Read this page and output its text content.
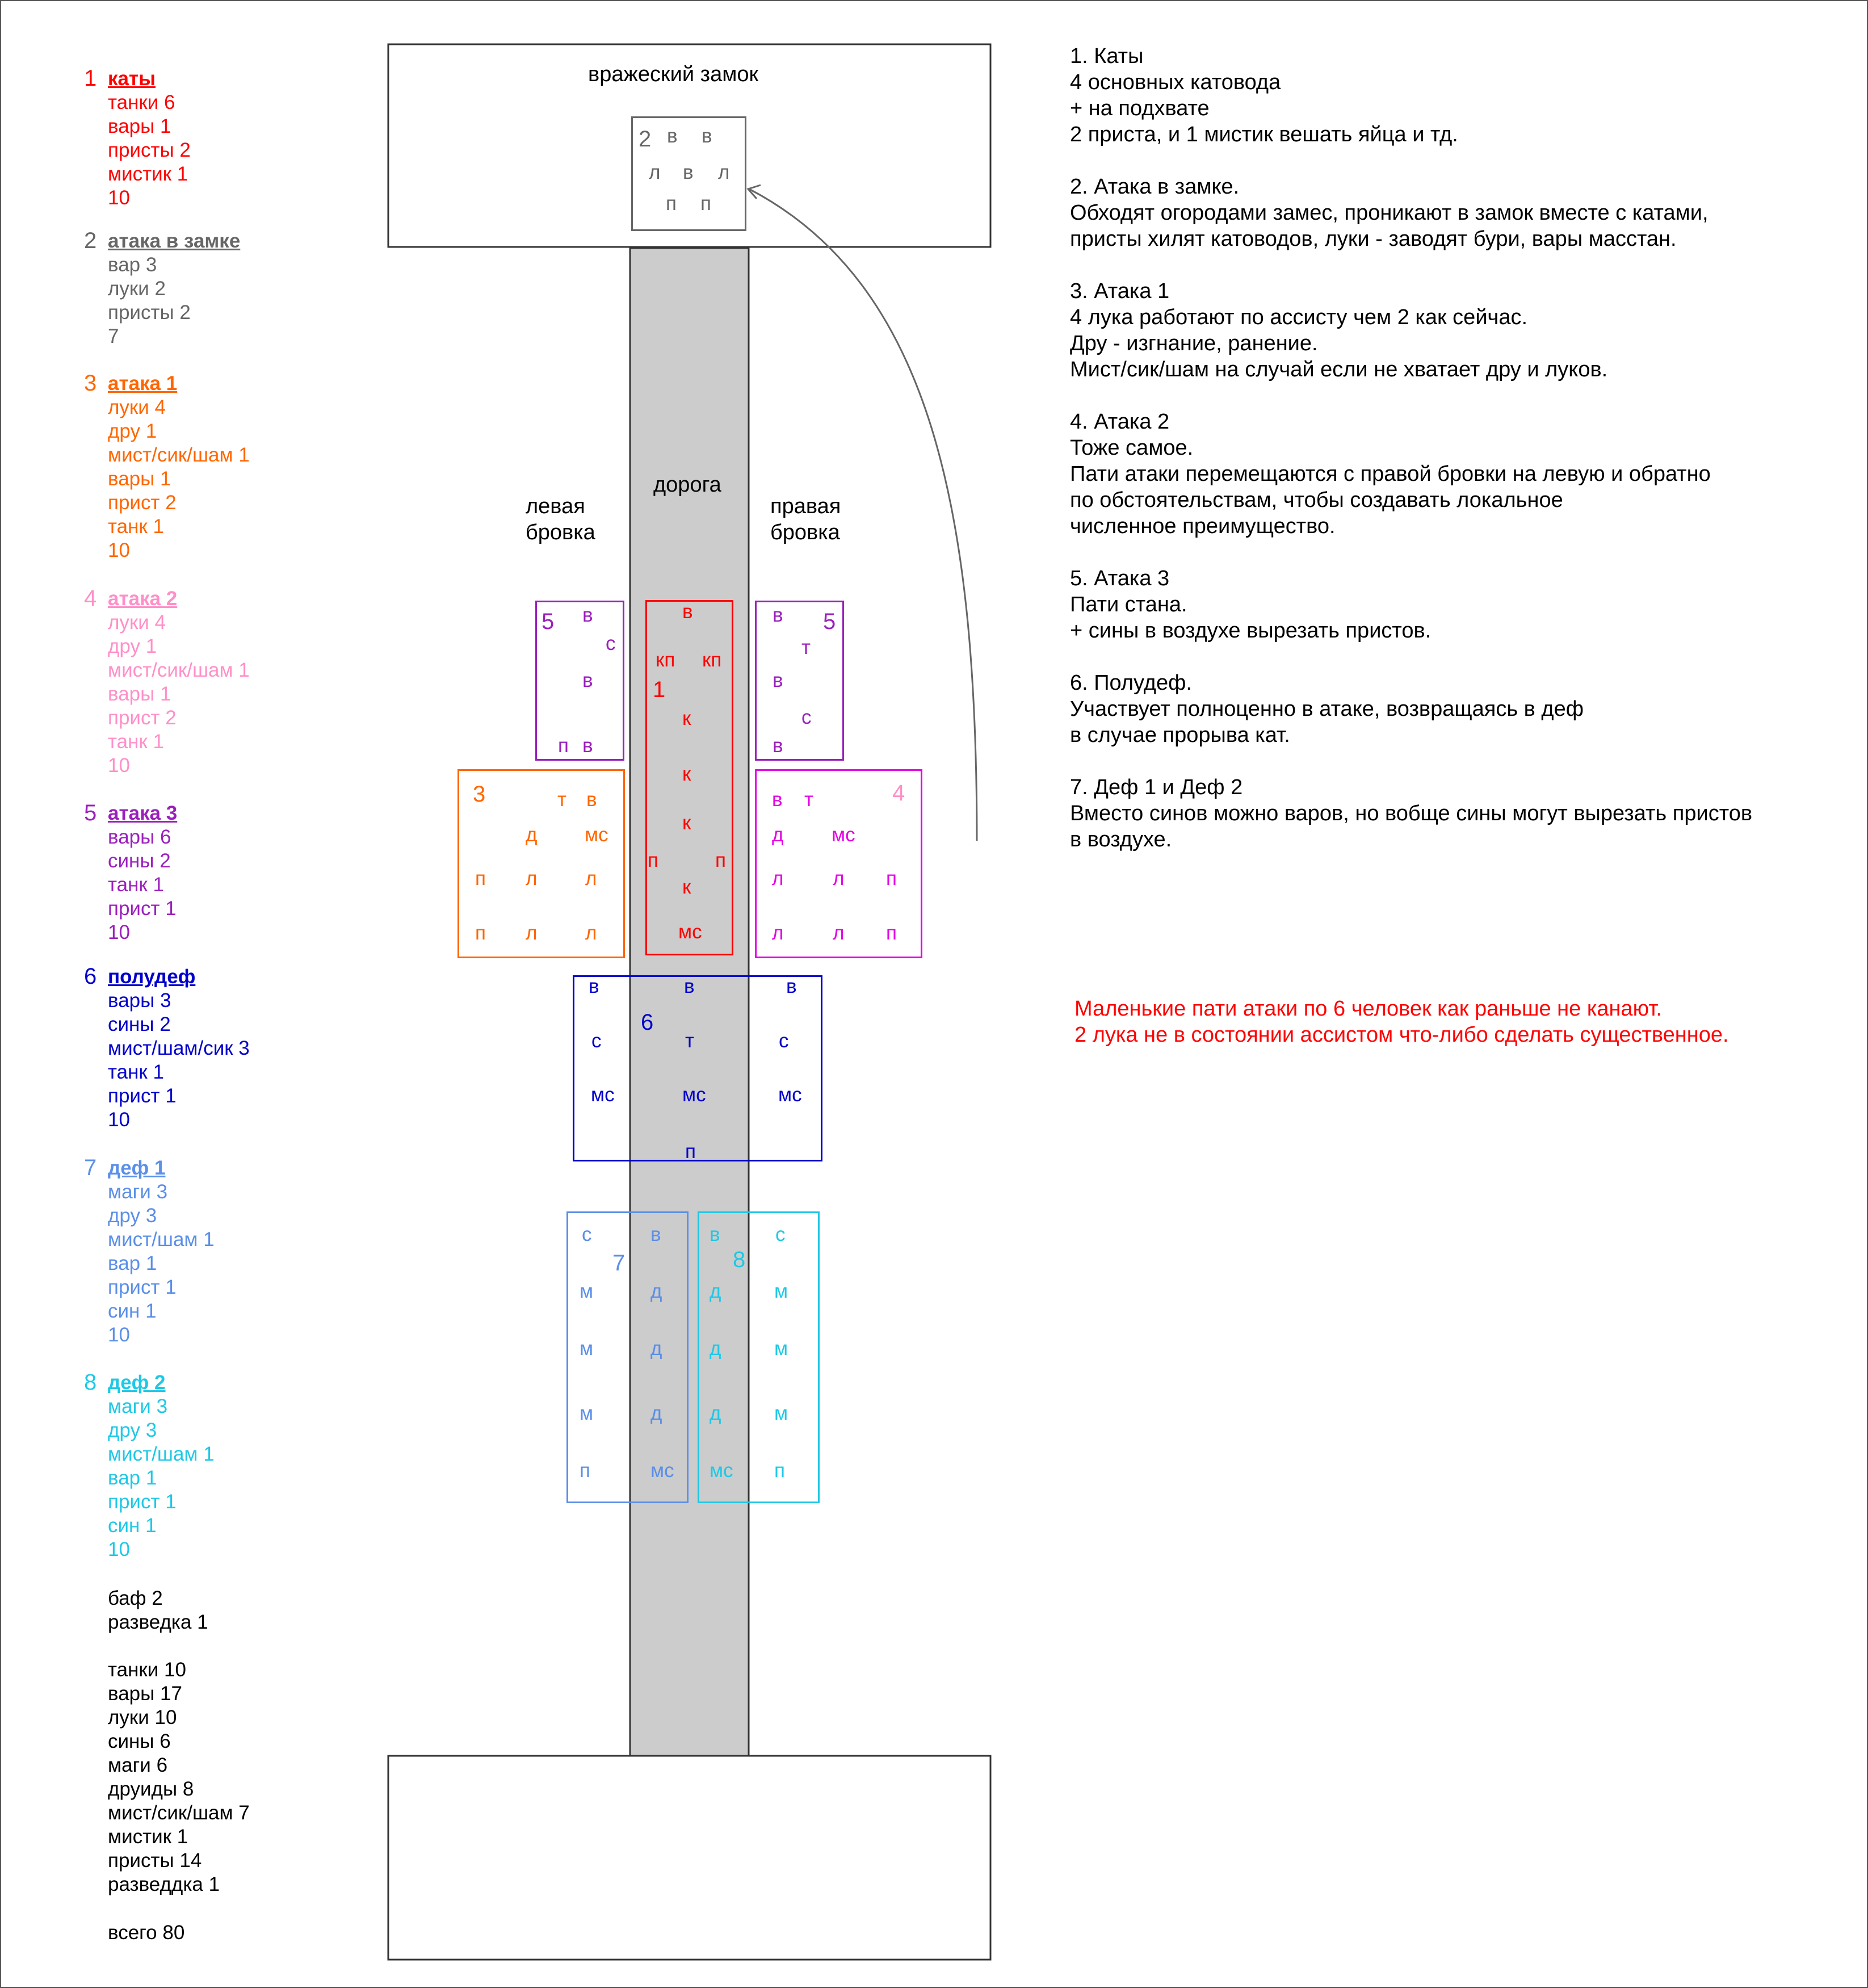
1 каты
танки 6
вары 1
присты 2
мистик 1
10
2 атака в замке
вар 3
луки 2
присты 2
7
3 атака 1
луки 4
дру 1
мист/сик/шам 1
вары 1
прист 2
танк 1
10
4 атака 2
луки 4
дру 1
мист/сик/шам 1
вары 1
прист 2
танк 1
10
5 атака 3
вары 6
сины 2
танк 1
прист 1
10
6 полудеф
вары 3
сины 2
мист/шам/сик 3
танк 1
прист 1
10
7 деф 1
маги 3
дру 3
мист/шам 1
вар 1
прист 1
син 1
10
8 деф 2
маги 3
дру 3
мист/шам 1
вар 1
прист 1
син 1
10
баф 2
разведка 1
танки 10
вары 17
луки 10
сины 6
маги 6
друиды 8
мист/сик/шам 7
мистик 1
присты 14
разведдка 1
всего 80
вражеский замок
дорога
левая
бровка
правая
бровка
2 в в
л в л
п п
1
в
кп кп
к
к
к
п	п
к
мс
5 в
с
в
п в
5
в
т
в
с
в
3	т в
д мс
п л л
п л л
4
в т
д мс
л л п
л л п
6
в	в	в
с	т	с
мс	мс	мс
п
7
с	в
м	д
м	д
м	д
п	мс
8
в	с
д	м
д	м
д	м
мс п
1. Каты
4 основных катовода
+ на подхвате
2 приста, и 1 мистик вешать яйца и тд.
2. Атака в замке.
Обходят огородами замес, проникают в замок вместе с катами,
присты хилят катоводов, луки - заводят бури, вары масстан.
3. Атака 1
4 лука работают по ассисту чем 2 как сейчас.
Дру - изгнание, ранение.
Мист/сик/шам на случай если не хватает дру и луков.
4. Атака 2
Тоже самое.
Пати атаки перемещаются с правой бровки на левую и обратно
по обстоятельствам, чтобы создавать локальное
численное преимущество.
5. Атака 3
Пати стана.
+ сины в воздухе вырезать пристов.
6. Полудеф.
Участвует полноценно в атаке, возвращаясь в деф
в случае прорыва кат.
7. Деф 1 и Деф 2
Вместо синов можно варов, но вобще сины могут вырезать пристов
в воздухе.
Маленькие пати атаки по 6 человек как раньше не канают.
2 лука не в состоянии ассистом что-либо сделать существенное.
